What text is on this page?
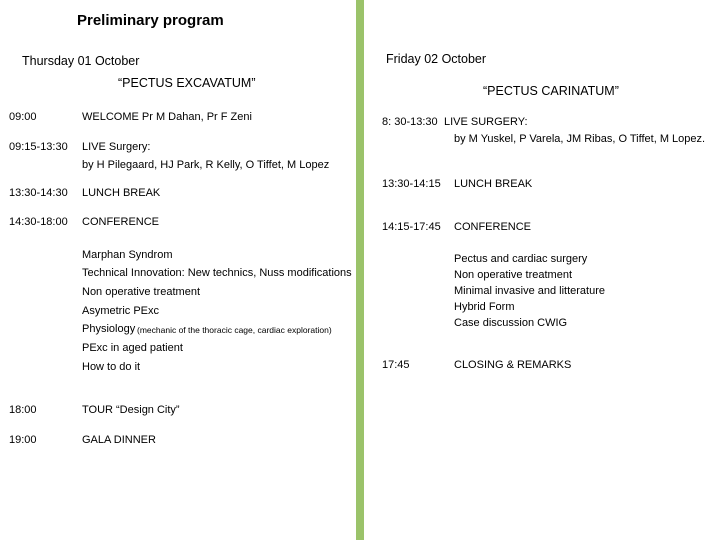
Preliminary program
Thursday 01 October
“PECTUS EXCAVATUM”
09:00	WELCOME Pr M Dahan, Pr F Zeni
09:15-13:30 LIVE Surgery:
by H Pilegaard, HJ Park, R Kelly, O Tiffet, M Lopez
13:30-14:30 LUNCH BREAK
14:30-18:00 CONFERENCE
Marphan Syndrom
Technical Innovation: New technics, Nuss modifications
Non operative treatment
Asymetric PExc
Physiology (mechanic of the thoracic cage, cardiac exploration)
PExc in aged patient
How to do it
18:00	TOUR “Design City”
19:00	GALA DINNER
Friday 02 October
“PECTUS CARINATUM”
8: 30-13:30 LIVE SURGERY:
by M Yuskel, P Varela, JM Ribas, O Tiffet, M Lopez.
13:30-14:15 LUNCH BREAK
14:15-17:45 CONFERENCE
Pectus and cardiac surgery
Non operative treatment
Minimal invasive and litterature
Hybrid Form
Case discussion CWIG
17:45	CLOSING & REMARKS
